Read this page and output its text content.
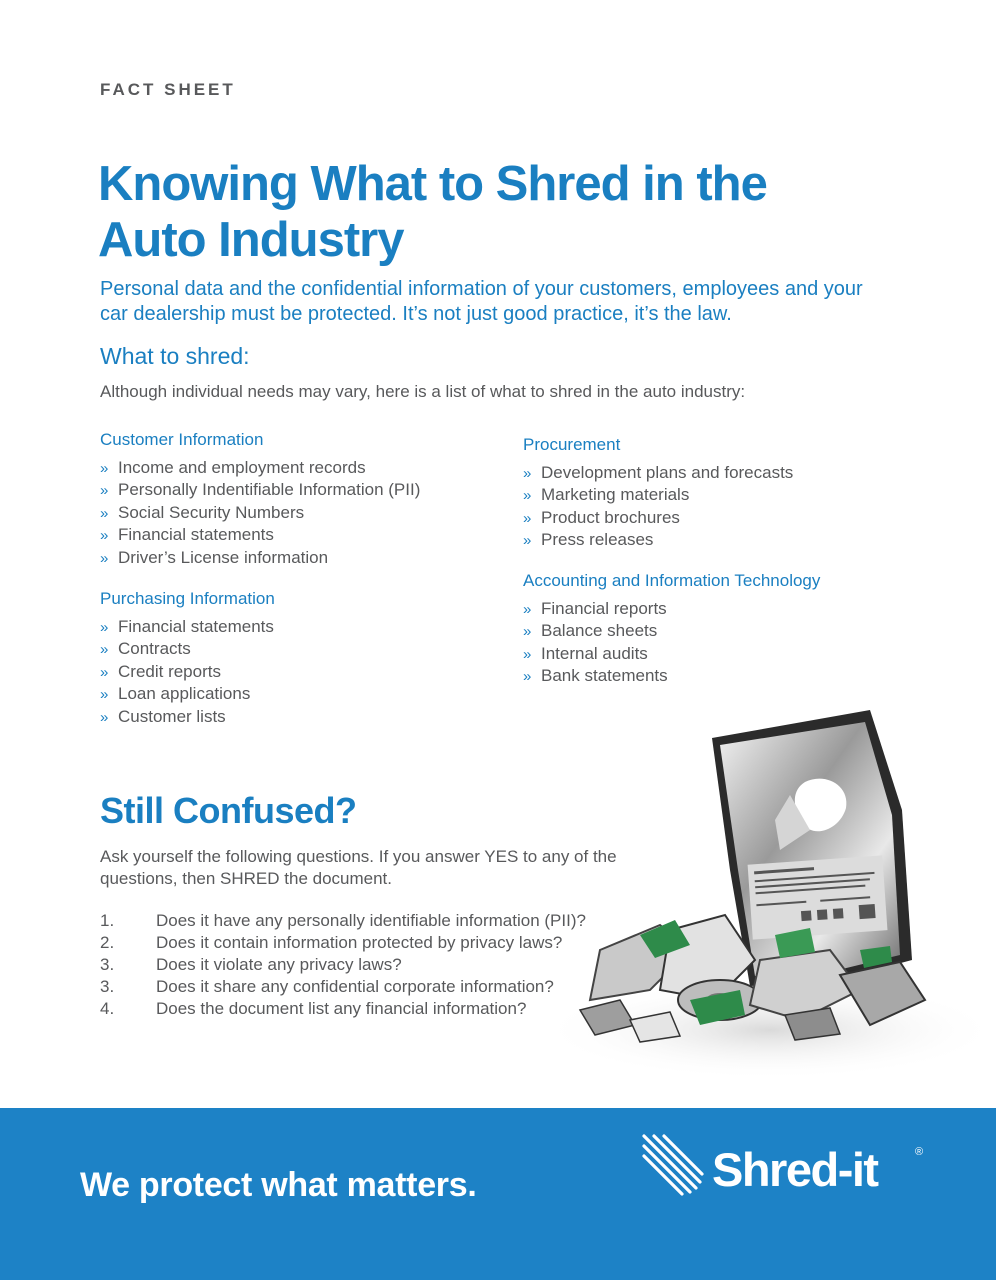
FACT SHEET
Knowing What to Shred in the Auto Industry

Personal data and the confidential information of your customers, employees and your car dealership must be protected. It’s not just good practice, it’s the law.

What to shred:

Although individual needs may vary, here is a list of what to shred in the auto industry:

Customer Information
» Income and employment records
» Personally Indentifiable Information (PII)
» Social Security Numbers
» Financial statements
» Driver’s License information
Purchasing Information
» Financial statements
» Contracts
» Credit reports
» Loan applications
» Customer lists
Procurement
» Development plans and forecasts
» Marketing materials
» Product brochures
» Press releases
Accounting and Information Technology
» Financial reports
» Balance sheets
» Internal audits
» Bank statements
Still Confused?

Ask yourself the following questions. If you answer YES to any of the questions, then SHRED the document.

1. Does it have any personally identifiable information (PII)?
2. Does it contain information protected by privacy laws?
3. Does it violate any privacy laws?
3. Does it share any confidential corporate information?
4. Does the document list any financial information?

We protect what matters.	Shred-it	®
